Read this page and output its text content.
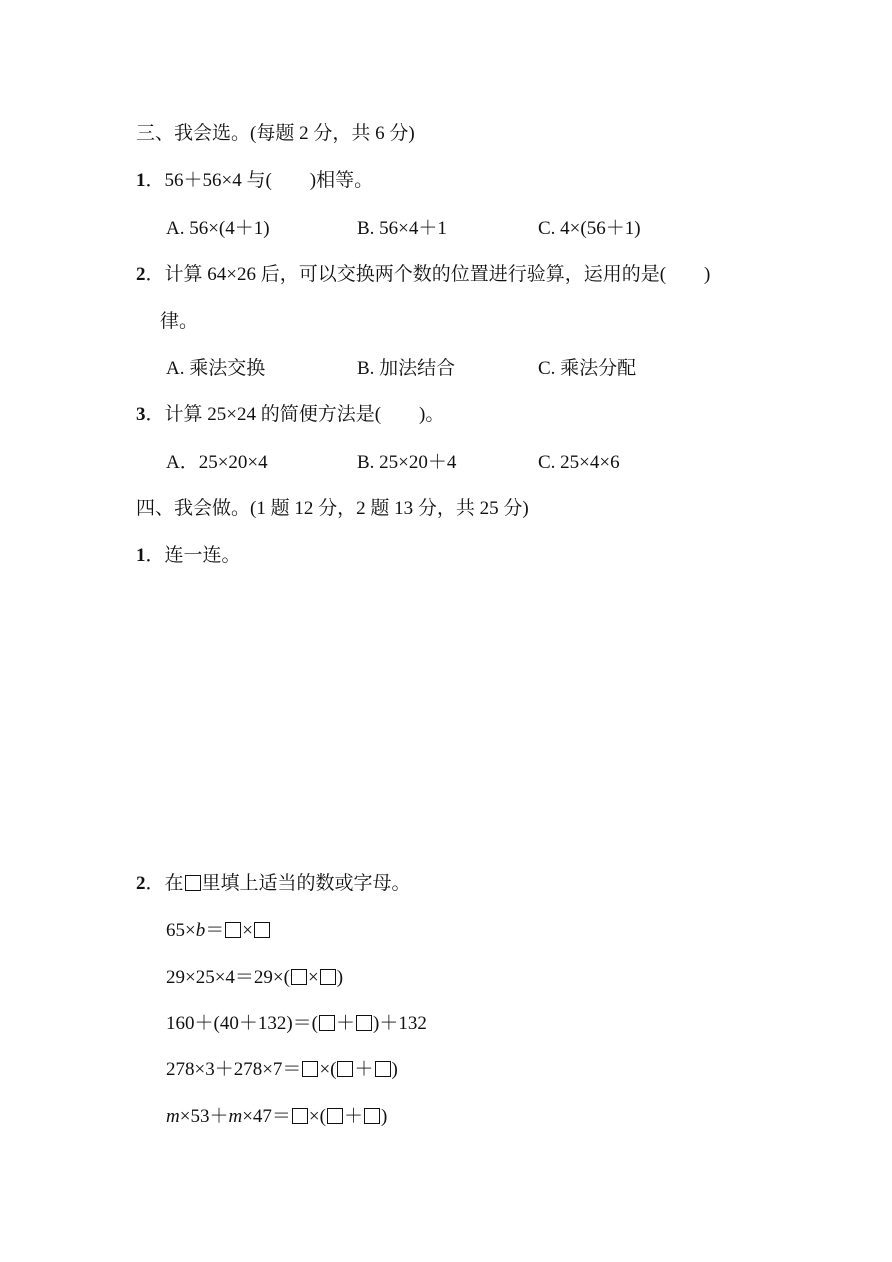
三、我会选。(每题 2 分，共 6 分)
1．56＋56×4 与(　　)相等。
A. 56×(4＋1)	B. 56×4＋1	C. 4×(56＋1)
2．计算 64×26 后，可以交换两个数的位置进行验算，运用的是(　　)
律。
A. 乘法交换	B. 加法结合	C. 乘法分配
3．计算 25×24 的简便方法是(　　)。
A．25×20×4	B. 25×20＋4	C. 25×4×6
四、我会做。(1 题 12 分，2 题 13 分，共 25 分)
1．连一连。
2．在 里填上适当的数或字母。
65×b＝ ×
29×25×4＝29×( × )
160＋(40＋132)＝( ＋ )＋132
278×3＋278×7＝ ×( ＋ )
m×53＋m×47＝ ×( ＋ )
